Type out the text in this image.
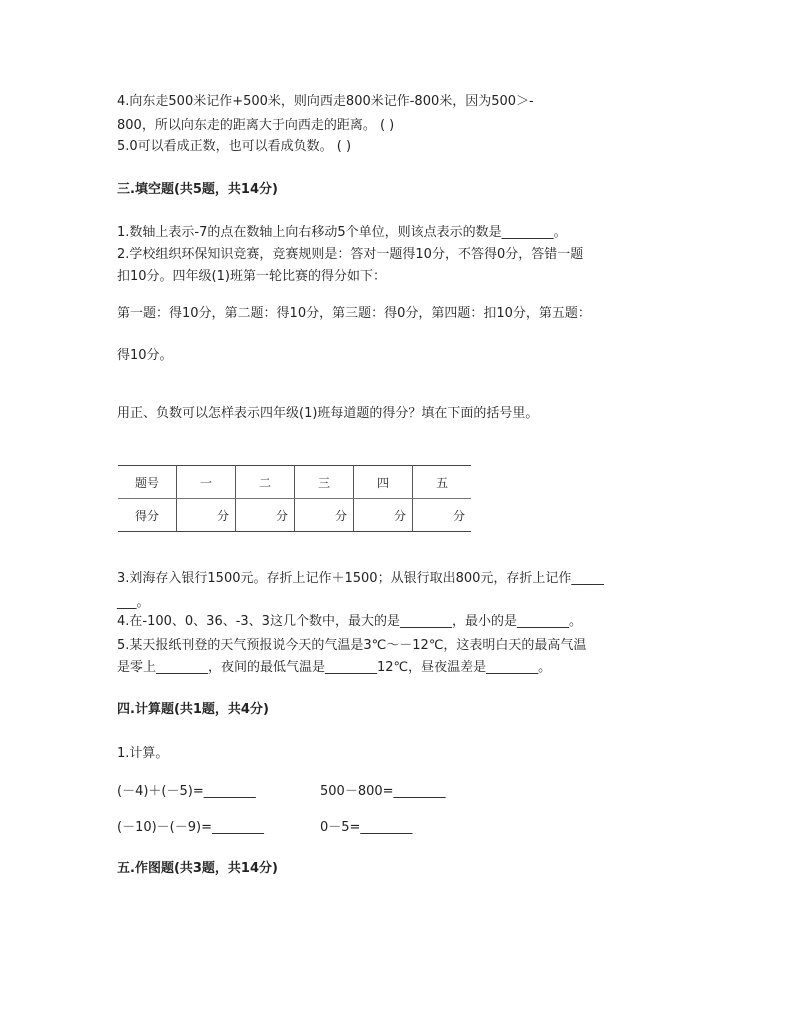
4.向东走500米记作+500米，则向西走800米记作-800米，因为500＞-
800，所以向东走的距离大于向西走的距离。 ( )
5.0可以看成正数，也可以看成负数。 ( )
三.填空题(共5题，共14分)
1.数轴上表示-7的点在数轴上向右移动5个单位，则该点表示的数是________。
2.学校组织环保知识竞赛，竞赛规则是：答对一题得10分，不答得0分，答错一题
扣10分。四年级(1)班第一轮比赛的得分如下：
第一题：得10分，第二题：得10分，第三题：得0分，第四题：扣10分，第五题：
得10分。
用正、负数可以怎样表示四年级(1)班每道题的得分？填在下面的括号里。
题号	一	二	三	四	五
得分	分	分	分	分	分
3.刘海存入银行1500元。存折上记作＋1500；从银行取出800元，存折上记作_____
___。
4.在-100、0、36、-3、3这几个数中，最大的是________，最小的是________。
5.某天报纸刊登的天气预报说今天的气温是3℃～－12℃，这表明白天的最高气温
是零上________，夜间的最低气温是________12℃，昼夜温差是________。
四.计算题(共1题，共4分)
1.计算。
(－4)＋(－5)=________	500－800=________
(－10)－(－9)=________	0－5=________
五.作图题(共3题，共14分)
